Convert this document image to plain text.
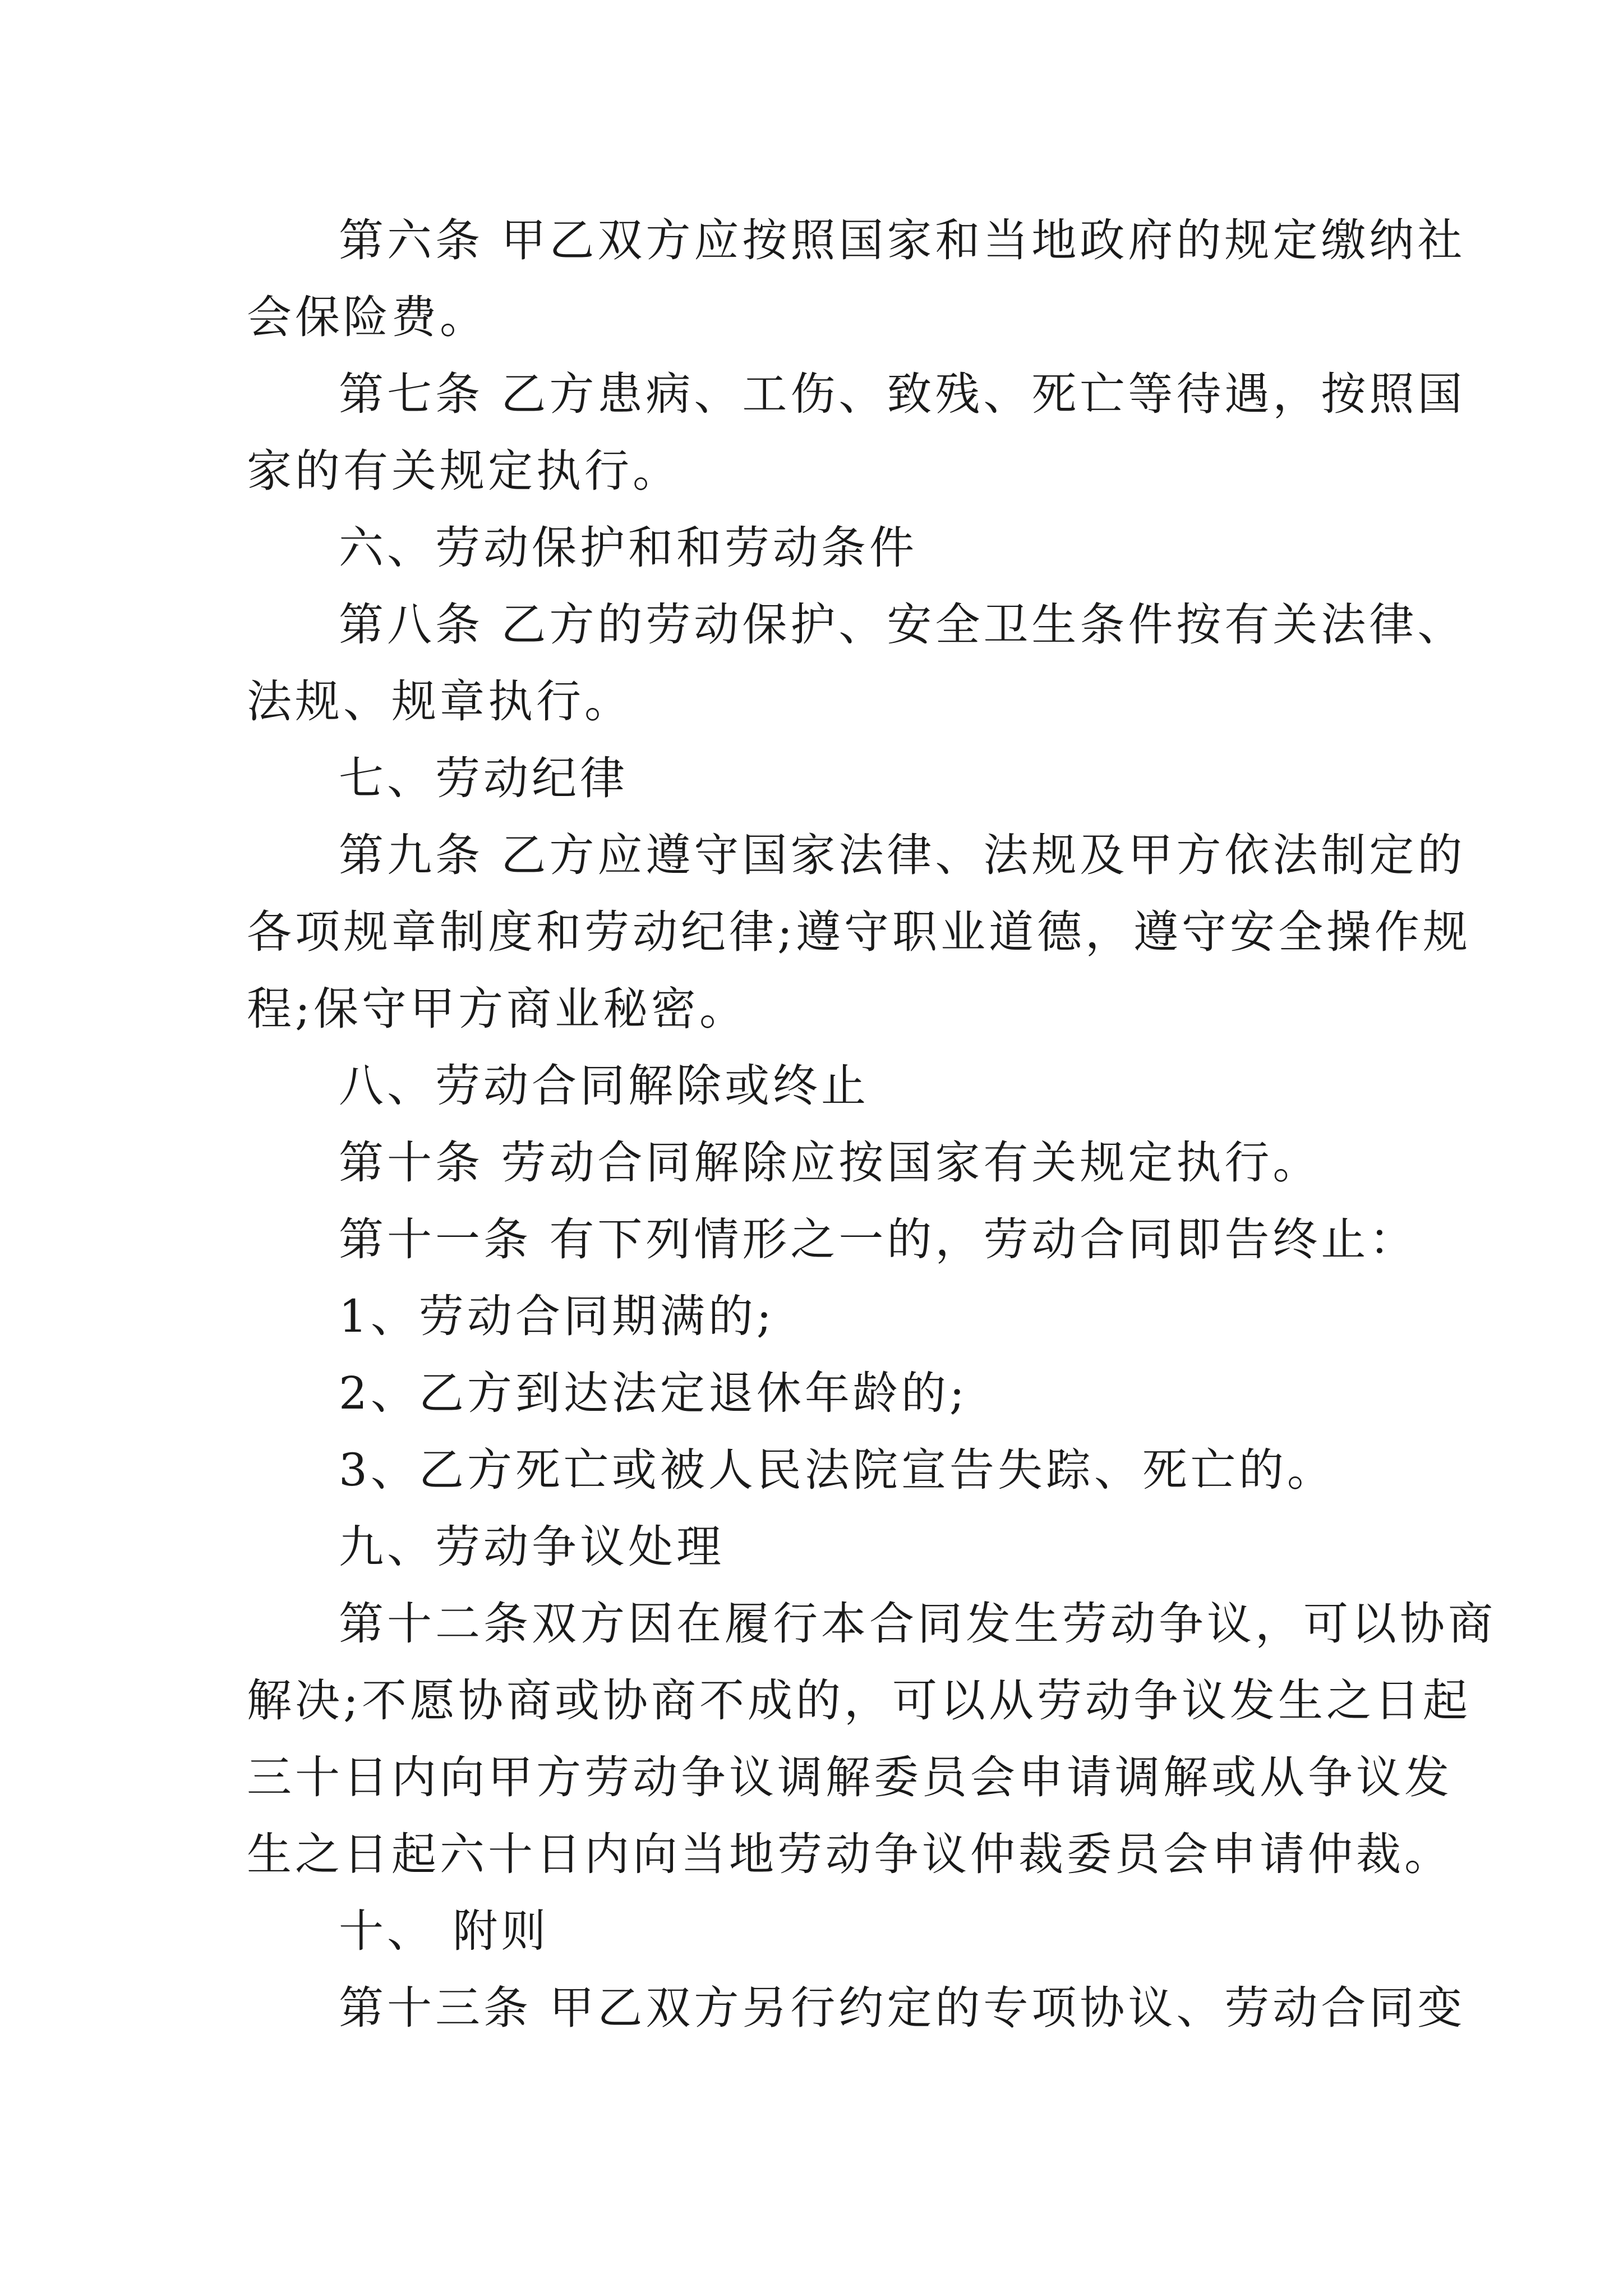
第六条 甲乙双方应按照国家和当地政府的规定缴纳社
会保险费。
第七条 乙方患病、工伤、致残、死亡等待遇，按照国
家的有关规定执行。
六、劳动保护和和劳动条件
第八条 乙方的劳动保护、安全卫生条件按有关法律、
法规、规章执行。
七、劳动纪律
第九条 乙方应遵守国家法律、法规及甲方依法制定的
各项规章制度和劳动纪律;遵守职业道德，遵守安全操作规
程;保守甲方商业秘密。
八、劳动合同解除或终止
第十条 劳动合同解除应按国家有关规定执行。
第十一条 有下列情形之一的，劳动合同即告终止：
1、劳动合同期满的;
2、乙方到达法定退休年龄的;
3、乙方死亡或被人民法院宣告失踪、死亡的。
九、劳动争议处理
第十二条双方因在履行本合同发生劳动争议，可以协商
解决;不愿协商或协商不成的，可以从劳动争议发生之日起
三十日内向甲方劳动争议调解委员会申请调解或从争议发
生之日起六十日内向当地劳动争议仲裁委员会申请仲裁。
十、 附则
第十三条 甲乙双方另行约定的专项协议、劳动合同变
